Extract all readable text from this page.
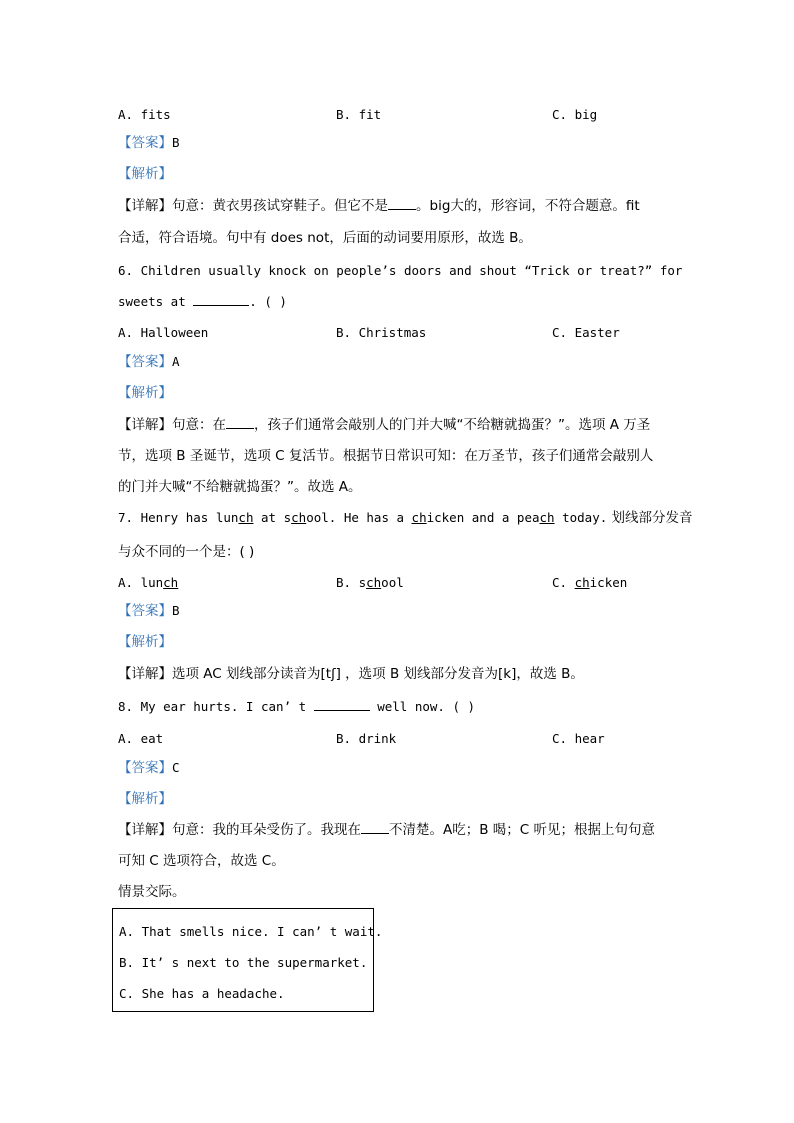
A. fits	B. fit	C. big
【答案】B
【解析】
【详解】句意：黄衣男孩试穿鞋子。但它不是 。big大的，形容词，不符合题意。fit
合适，符合语境。句中有 does not，后面的动词要用原形，故选 B。
6. Children usually knock on people’s doors and shout “Trick or treat?” for
sweets at	. ( )
A. Halloween	B. Christmas	C. Easter
【答案】A
【解析】
【详解】句意：在 ，孩子们通常会敲别人的门并大喊“不给糖就捣蛋？”。选项 A 万圣
节，选项 B 圣诞节，选项 C 复活节。根据节日常识可知：在万圣节，孩子们通常会敲别人
的门并大喊“不给糖就捣蛋？”。故选 A。
7. Henry has lunch at school. He has a chicken and a peach today. 划线部分发音
与众不同的一个是：( )
A. lunch	B. school	C. chicken
【答案】B
【解析】
【详解】选项 AC 划线部分读音为[tʃ] ，选项 B 划线部分发音为[k]，故选 B。
8. My ear hurts. I can’ t	well now. ( )
A. eat	B. drink	C. hear
【答案】C
【解析】
【详解】句意：我的耳朵受伤了。我现在 不清楚。A吃；B 喝；C 听见；根据上句句意
可知 C 选项符合，故选 C。
情景交际。
A. That smells nice. I can’ t wait.
B. It’ s next to the supermarket.
C. She has a headache.
